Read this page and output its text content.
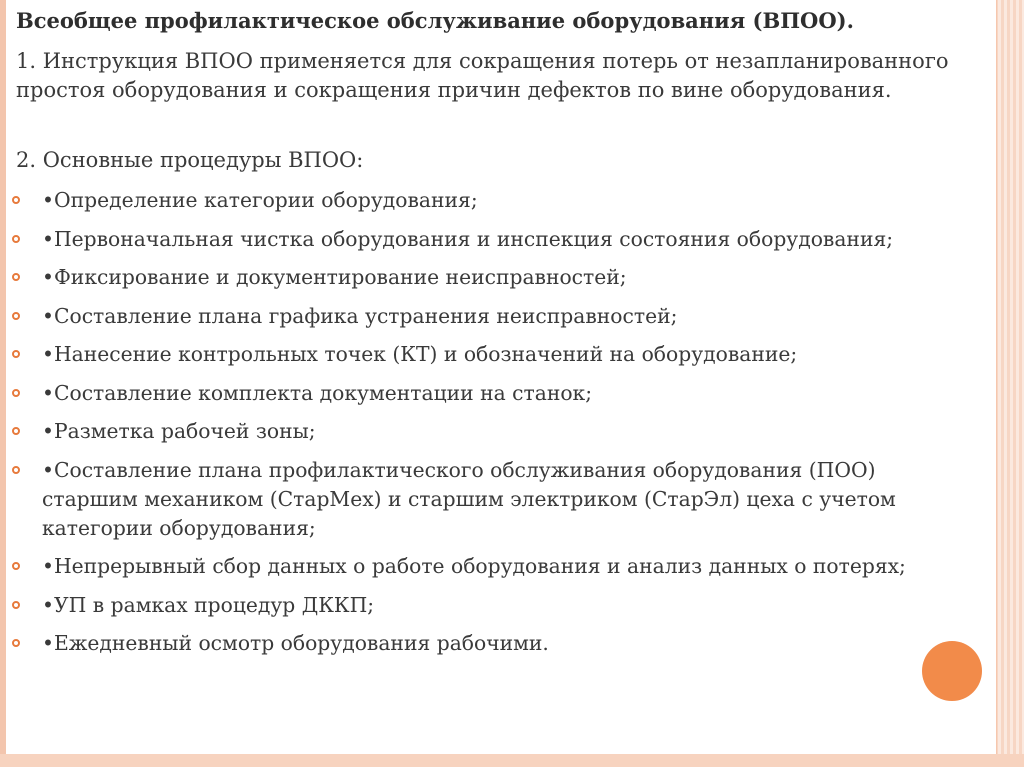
Всеобщее профилактическое обслуживание оборудования (ВПОО).
1. Инструкция ВПОО применяется для сокращения потерь от незапланированного простоя оборудования и сокращения причин дефектов по вине оборудования.
2. Основные процедуры ВПОО:
•Определение категории оборудования;
•Первоначальная чистка оборудования и инспекция состояния оборудования;
•Фиксирование и документирование неисправностей;
•Составление плана графика устранения неисправностей;
•Нанесение контрольных точек (КТ) и обозначений на оборудование;
•Составление комплекта документации на станок;
•Разметка рабочей зоны;
•Составление плана профилактического обслуживания оборудования (ПОО) старшим механиком (СтарМех) и старшим электриком (СтарЭл) цеха с учетом категории оборудования;
•Непрерывный сбор данных о работе оборудования и анализ данных о потерях;
•УП в рамках процедур ДККП;
•Ежедневный осмотр оборудования рабочими.
